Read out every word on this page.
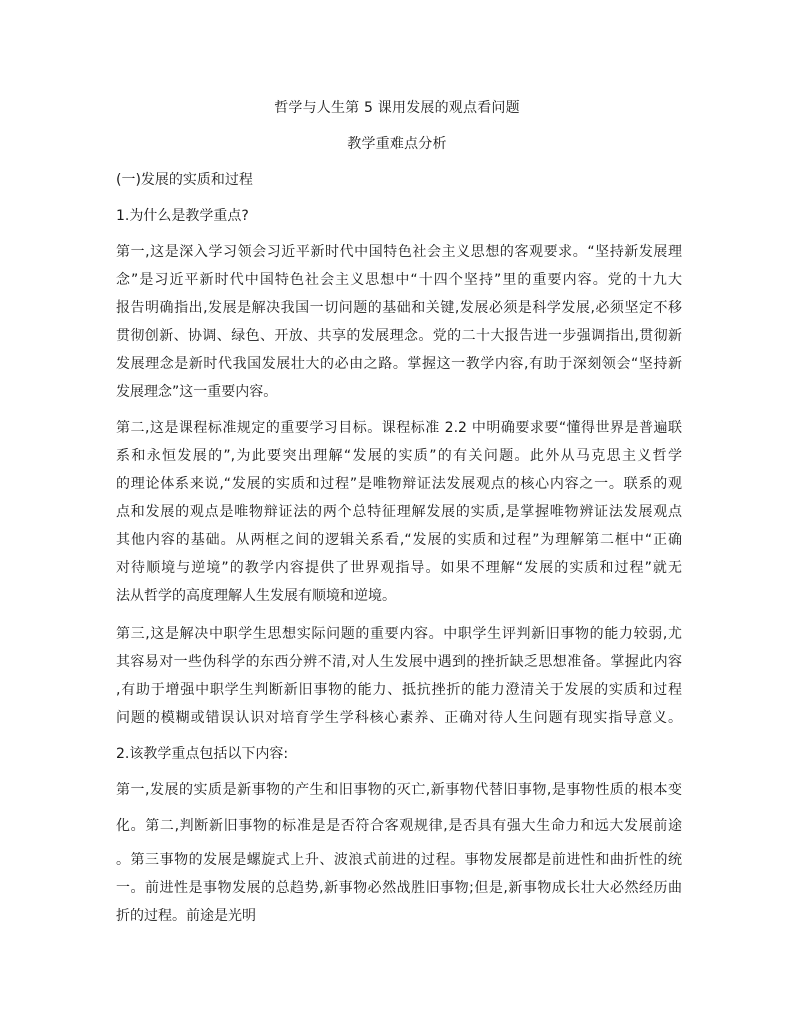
哲学与人生第 5 课用发展的观点看问题
教学重难点分析
(一)发展的实质和过程
1.为什么是教学重点?
第一,这是深入学习领会习近平新时代中国特色社会主义思想的客观要求。“坚持新发展理
念”是习近平新时代中国特色社会主义思想中“十四个坚持”里的重要内容。党的十九大
报告明确指出,发展是解决我国一切问题的基础和关键,发展必须是科学发展,必须坚定不移
贯彻创新、协调、绿色、开放、共享的发展理念。党的二十大报告进一步强调指出,贯彻新
发展理念是新时代我国发展壮大的必由之路。掌握这一教学内容,有助于深刻领会“坚持新
发展理念”这一重要内容。
第二,这是课程标准规定的重要学习目标。课程标准 2.2 中明确要求要“懂得世界是普遍联
系和永恒发展的”,为此要突出理解“发展的实质”的有关问题。此外从马克思主义哲学
的理论体系来说,“发展的实质和过程”是唯物辩证法发展观点的核心内容之一。联系的观
点和发展的观点是唯物辩证法的两个总特征理解发展的实质,是掌握唯物辨证法发展观点
其他内容的基础。从两框之间的逻辑关系看,“发展的实质和过程”为理解第二框中“正确
对待顺境与逆境”的教学内容提供了世界观指导。如果不理解“发展的实质和过程”就无
法从哲学的高度理解人生发展有顺境和逆境。
第三,这是解决中职学生思想实际问题的重要内容。中职学生评判新旧事物的能力较弱,尤
其容易对一些伪科学的东西分辨不清,对人生发展中遇到的挫折缺乏思想准备。掌握此内容
,有助于增强中职学生判断新旧事物的能力、抵抗挫折的能力澄清关于发展的实质和过程
问题的模糊或错误认识对培育学生学科核心素养、正确对待人生问题有现实指导意义。
2.该教学重点包括以下内容:
第一,发展的实质是新事物的产生和旧事物的灭亡,新事物代替旧事物,是事物性质的根本变
化。第二,判断新旧事物的标准是是否符合客观规律,是否具有强大生命力和远大发展前途
。第三事物的发展是螺旋式上升、波浪式前进的过程。事物发展都是前进性和曲折性的统
一。前进性是事物发展的总趋势,新事物必然战胜旧事物;但是,新事物成长壮大必然经历曲
折的过程。前途是光明
